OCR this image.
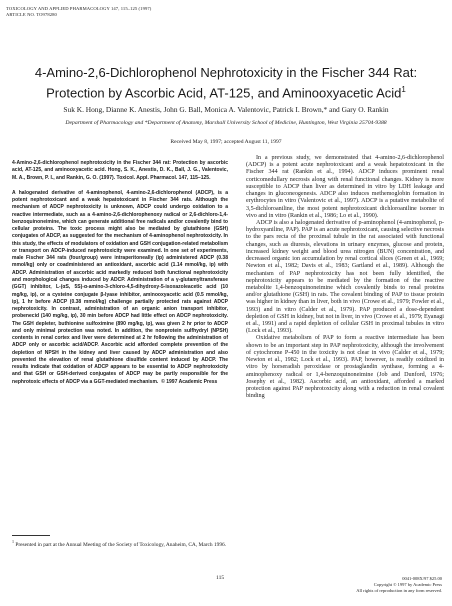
TOXICOLOGY AND APPLIED PHARMACOLOGY 147, 115–125 (1997)
ARTICLE NO. TO978280
4-Amino-2,6-Dichlorophenol Nephrotoxicity in the Fischer 344 Rat: Protection by Ascorbic Acid, AT-125, and Aminooxyacetic Acid$^1$
Suk K. Hong, Dianne K. Anestis, John G. Ball, Monica A. Valentovic, Patrick I. Brown,* and Gary O. Rankin
Department of Pharmacology and *Department of Anatomy, Marshall University School of Medicine, Huntington, West Virginia 25704-9388
Received May 8, 1997; accepted August 11, 1997

4-Amino-2,6-dichlorophenol nephrotoxicity in the Fischer 344 rat: Protection by ascorbic acid, AT-125, and aminooxyacetic acid. Hong, S. K., Anestis, D. K., Ball, J. G., Valentovic, M. A., Brown, P. I., and Rankin, G. O. (1997). Toxicol. Appl. Pharmacol. 147, 115–125.

A halogenated derivative of 4-aminophenol, 4-amino-2,6-dichlorophenol (ADCP), is a potent nephrotoxicant and a weak hepatotoxicant in Fischer 344 rats. Although the mechanism of ADCP nephrotoxicity is unknown, ADCP could undergo oxidation to a reactive intermediate, such as a 4-amino-2,6-dichlorophenoxy radical or 2,6-dichloro-1,4-benzoquinoneimine, which can generate additional free radicals and/or covalently bind to cellular proteins. The toxic process might also be mediated by glutathione (GSH) conjugates of ADCP, as suggested for the mechanism of 4-aminophenol nephrotoxicity. In this study, the effects of modulators of oxidation and GSH conjugation-related metabolism or transport on ADCP-induced nephrotoxicity were examined. In one set of experiments, male Fischer 344 rats (four/group) were intraperitoneally (ip) administered ADCP (0.38 mmol/kg) only or coadministered an antioxidant, ascorbic acid (1.14 mmol/kg, ip) with ADCP. Administration of ascorbic acid markedly reduced both functional nephrotoxicity and morphological changes induced by ADCP. Administration of a γ-glutamyltransferase (GGT) inhibitor, L-(αS, 5S)-α-amino-3-chloro-4,5-dihydroxy-5-isoxazoleacetic acid (10 mg/kg, ip), or a cysteine conjugate β-lyase inhibitor, aminooxyacetic acid (0.5 mmol/kg, ip), 1 hr before ADCP (0.38 mmol/kg) challenge partially protected rats against ADCP nephrotoxicity. In contrast, administration of an organic anion transport inhibitor, probenecid (140 mg/kg, ip), 30 min before ADCP had little effect on ADCP nephrotoxicity. The GSH depleter, buthionine sulfoximine (890 mg/kg, ip), was given 2 hr prior to ADCP and only minimal protection was noted. In addition, the nonprotein sulfhydryl (NPSH) contents in renal cortex and liver were determined at 2 hr following the administration of ADCP only or ascorbic acid/ADCP. Ascorbic acid afforded complete prevention of the depletion of NPSH in the kidney and liver caused by ADCP administration and also prevented the elevation of renal glutathione disulfide content induced by ADCP. The results indicate that oxidation of ADCP appears to be essential to ADCP nephrotoxicity and that GSH or GSH-derived conjugates of ADCP may be partly responsible for the nephrotoxic effects of ADCP via a GGT-mediated mechanism. © 1997 Academic Press

In a previous study, we demonstrated that 4-amino-2,6-dichlorophenol (ADCP) is a potent acute nephrotoxicant and a weak hepatotoxicant in the Fischer 344 rat (Rankin et al., 1994). ADCP induces prominent renal corticomedullary necrosis along with renal functional changes. Kidney is more susceptible to ADCP than liver as determined in vitro by LDH leakage and changes in gluconeogenesis. ADCP also induces methemoglobin formation in erythrocytes in vitro (Valentovic et al., 1997). ADCP is a putative metabolite of 3,5-dichloroaniline, the most potent nephrotoxicant dichloroaniline isomer in vivo and in vitro (Rankin et al., 1986; Lo et al., 1990).

ADCP is also a halogenated derivative of p-aminophenol (4-aminophenol, p-hydroxyaniline, PAP). PAP is an acute nephrotoxicant, causing selective necrosis to the pars recta of the proximal tubule in the rat associated with functional changes, such as diuresis, elevations in urinary enzymes, glucose and protein, increased kidney weight and blood urea nitrogen (BUN) concentration, and decreased organic ion accumulation by renal cortical slices (Green et al., 1969; Newton et al., 1982; Davis et al., 1983; Gartland et al., 1989). Although the mechanism of PAP nephrotoxicity has not been fully identified, the nephrotoxicity appears to be mediated by the formation of the reactive metabolite 1,4-benzoquinoneimine which covalently binds to renal proteins and/or glutathione (GSH) in rats. The covalent binding of PAP to tissue protein was higher in kidney than in liver, both in vivo (Crowe et al., 1979; Fowler et al., 1993) and in vitro (Calder et al., 1979). PAP produced a dose-dependent depletion of GSH in kidney, but not in liver, in vivo (Crowe et al., 1979; Eyanagi et al., 1991) and a rapid depletion of cellular GSH in proximal tubules in vitro (Lock et al., 1993).

Oxidative metabolism of PAP to form a reactive intermediate has been shown to be an important step in PAP nephrotoxicity, although the involvement of cytochrome P-450 in the toxicity is not clear in vivo (Calder et al., 1979; Newton et al., 1982; Lock et al., 1993). PAP, however, is readily oxidized in vitro by horseradish peroxidase or prostaglandin synthase, forming a 4-aminophenoxy radical or 1,4-benzoquinoneimine (Job and Dunford, 1976; Josephy et al., 1982). Ascorbic acid, an antioxidant, afforded a marked protection against PAP nephrotoxicity along with a reduction in renal covalent binding

$^1$ Presented in part at the Annual Meeting of the Society of Toxicology, Anaheim, CA, March 1996.
115	0041-008X/97 $25.00
Copyright © 1997 by Academic Press
All rights of reproduction in any form reserved.
